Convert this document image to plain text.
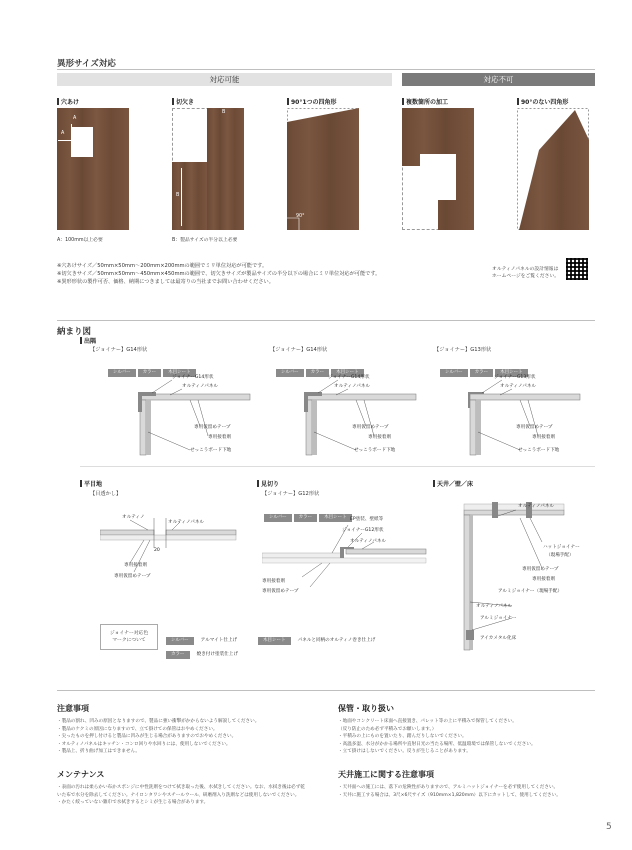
異形サイズ対応
対応可能	対応不可
穴あけ	切欠き	90°1つの四角形	複数箇所の加工	90°のない四角形
A
A
B
B
90°
A：100mm以上必要	B：製品サイズの半分以上必要
※穴あけサイズ／50mm×50mm〜200mm×200mmの範囲でミリ単位対応が可能です。
※切欠きサイズ／50mm×50mm〜450mm×450mmの範囲で、切欠きサイズが製品サイズの半分以下の場合にミリ単位対応が可能です。
※異形形状の製作可否、価格、納期につきましては最寄りの当社までお問い合わせください。
オルティノパネルの設計情報は
ホームページをご覧ください。
納まり図
出隅
【ジョイナー】G14形状
シルバー	カラー	木目シート
ジョイナーG14形状
オルティノパネル
専用仮留めテープ
専用接着剤
せっこうボード下地
【ジョイナー】G14形状
シルバー	カラー	木目シート
ジョイナーG14形状
オルティノパネル
専用仮留めテープ
専用接着剤
せっこうボード下地
【ジョイナー】G13形状
シルバー	カラー	木目シート
ジョイナーG13形状
オルティノパネル
専用仮留めテープ
専用接着剤
せっこうボード下地
平目地
【目透かし】
オルティノ
オルティノパネル
20
専用接着剤
専用仮留めテープ
見切り
【ジョイナー】G12形状
シルバー	カラー	木目シート EP塗装、壁紙等
ジョイナーG12形状
オルティノパネル
専用接着剤
専用仮留めテープ
天井／壁／床
オルティノパネル
ハットジョイナー
（現場手配）
専用仮留めテープ
専用接着剤
アルミジョイナー（現場手配）
オルティノパネル
アルミジョイナー
アイカメタル化床
ジョイナー対応色
マークについて	シルバー	アルマイト仕上げ	木目シート	パネルと同柄のオルティノ巻き仕上げ
カラー	焼き付け塗装仕上げ
注意事項
・製品の割れ、凹みの原因となりますので、製品に強い衝撃がかからないよう解説してください。
・製品のケクミの原因になりますので、立て掛けての保管はおやめください。
・尖ったものを押し付けると製品に凹みが生じる場合がありますのでおやめください。
・オルティノパネルはキッチン・コンロ回りや水回りには、使用しないでください。
・製品上、折り曲げ加工はできません。
保管・取り扱い
・地面やコンクリート床面へ直接置き、パレット等の上に平積みで保管してください。
（反り防止のため必ず平積みでお願いします。）
・平積みの上にものを置いたり、踏んだりしないでください。
・高温多湿、水分がかかる場所や直射日光の当たる場所、低温環境では保管しないでください。
・立て掛けはしないでください。反りが生じることがあります。
メンテナンス
・表面の汚れは柔らかい布かスポンジに中性洗剤をつけて拭き取った後、水拭きしてください。なお、水拭き後は必ず乾
いた布で水分を除去してください。ナイロンタワシやスチールウール、研磨剤入り洗剤などは使用しないでください。
・かたく絞っていない雑巾で水拭きするとシミが生じる場合があります。
天井施工に関する注意事項
・天井面への施工には、落下の危険性がありますので、アルミハットジョイナーを必ず使用してください。
・天井に施工する場合は、3尺×6尺サイズ（910mm×1,820mm）以下にカットして、使用してください。
5
